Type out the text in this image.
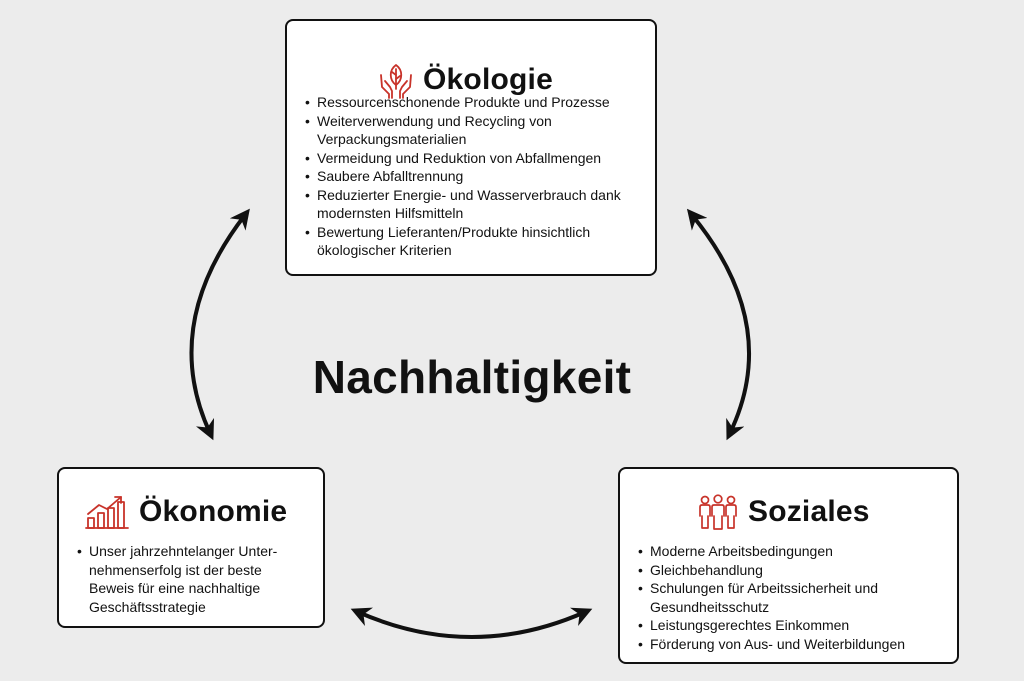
Nachhaltigkeit
Ökologie
• Ressourcenschonende Produkte und Prozesse
• Weiterverwendung und Recycling von Verpackungsmaterialien
• Vermeidung und Reduktion von Abfallmengen
• Saubere Abfalltrennung
• Reduzierter Energie- und Wasserverbrauch dank modernsten Hilfsmitteln
• Bewertung Lieferanten/Produkte hinsichtlich ökologischer Kriterien
Ökonomie
• Unser jahrzehntelanger Unter-nehmenserfolg ist der beste Beweis für eine nachhaltige Geschäftsstrategie
Soziales
• Moderne Arbeitsbedingungen
• Gleichbehandlung
• Schulungen für Arbeitssicherheit und Gesundheitsschutz
• Leistungsgerechtes Einkommen
• Förderung von Aus- und Weiterbildungen
